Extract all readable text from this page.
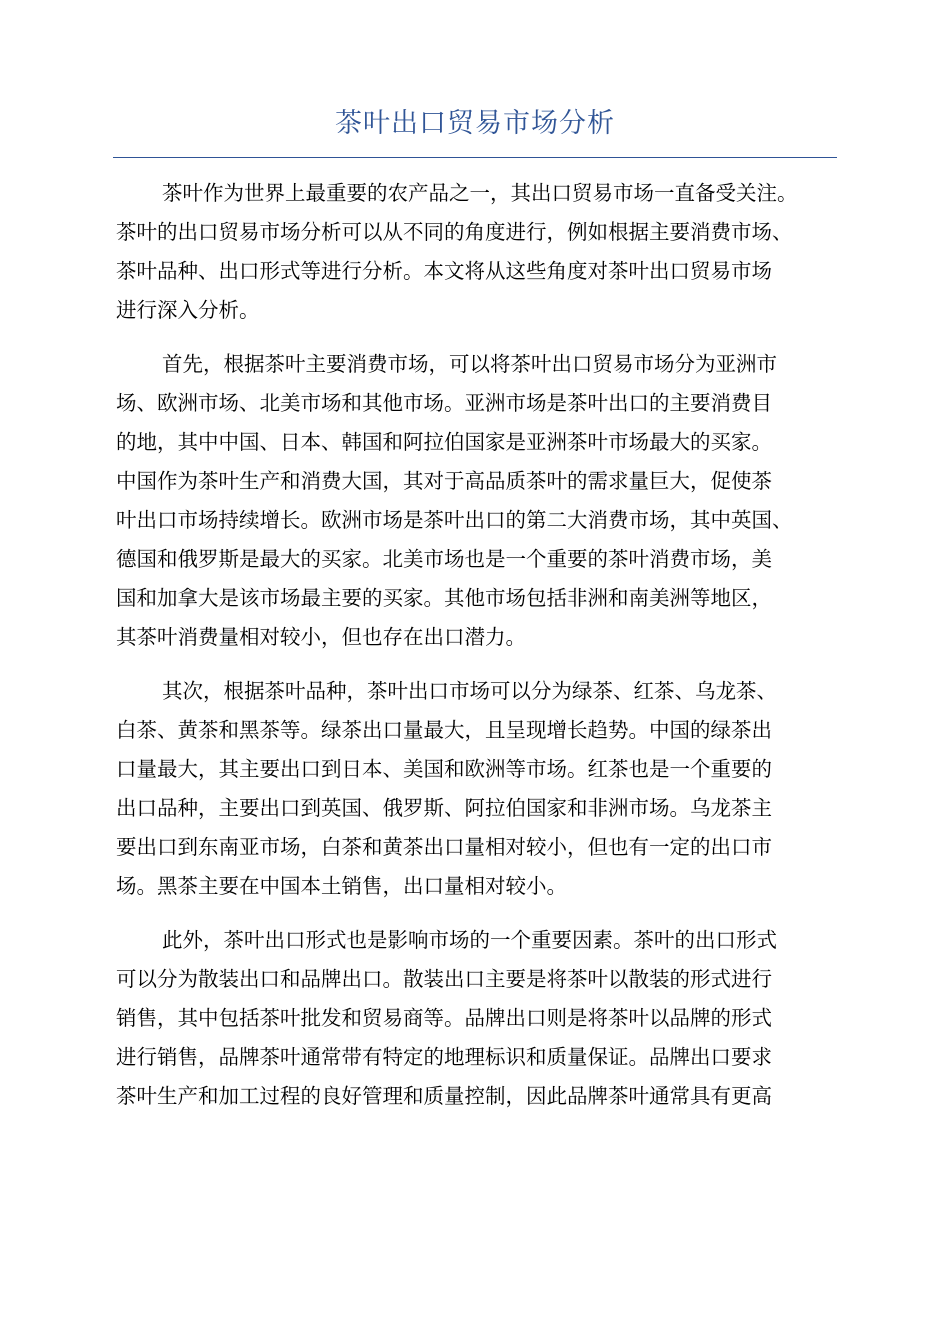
茶叶出口贸易市场分析

茶叶作为世界上最重要的农产品之一，其出口贸易市场一直备受关注。
茶叶的出口贸易市场分析可以从不同的角度进行，例如根据主要消费市场、
茶叶品种、出口形式等进行分析。本文将从这些角度对茶叶出口贸易市场
进行深入分析。

首先，根据茶叶主要消费市场，可以将茶叶出口贸易市场分为亚洲市
场、欧洲市场、北美市场和其他市场。亚洲市场是茶叶出口的主要消费目
的地，其中中国、日本、韩国和阿拉伯国家是亚洲茶叶市场最大的买家。
中国作为茶叶生产和消费大国，其对于高品质茶叶的需求量巨大，促使茶
叶出口市场持续增长。欧洲市场是茶叶出口的第二大消费市场，其中英国、
德国和俄罗斯是最大的买家。北美市场也是一个重要的茶叶消费市场，美
国和加拿大是该市场最主要的买家。其他市场包括非洲和南美洲等地区，
其茶叶消费量相对较小，但也存在出口潜力。

其次，根据茶叶品种，茶叶出口市场可以分为绿茶、红茶、乌龙茶、
白茶、黄茶和黑茶等。绿茶出口量最大，且呈现增长趋势。中国的绿茶出
口量最大，其主要出口到日本、美国和欧洲等市场。红茶也是一个重要的
出口品种，主要出口到英国、俄罗斯、阿拉伯国家和非洲市场。乌龙茶主
要出口到东南亚市场，白茶和黄茶出口量相对较小，但也有一定的出口市
场。黑茶主要在中国本土销售，出口量相对较小。

此外，茶叶出口形式也是影响市场的一个重要因素。茶叶的出口形式
可以分为散装出口和品牌出口。散装出口主要是将茶叶以散装的形式进行
销售，其中包括茶叶批发和贸易商等。品牌出口则是将茶叶以品牌的形式
进行销售，品牌茶叶通常带有特定的地理标识和质量保证。品牌出口要求
茶叶生产和加工过程的良好管理和质量控制，因此品牌茶叶通常具有更高
